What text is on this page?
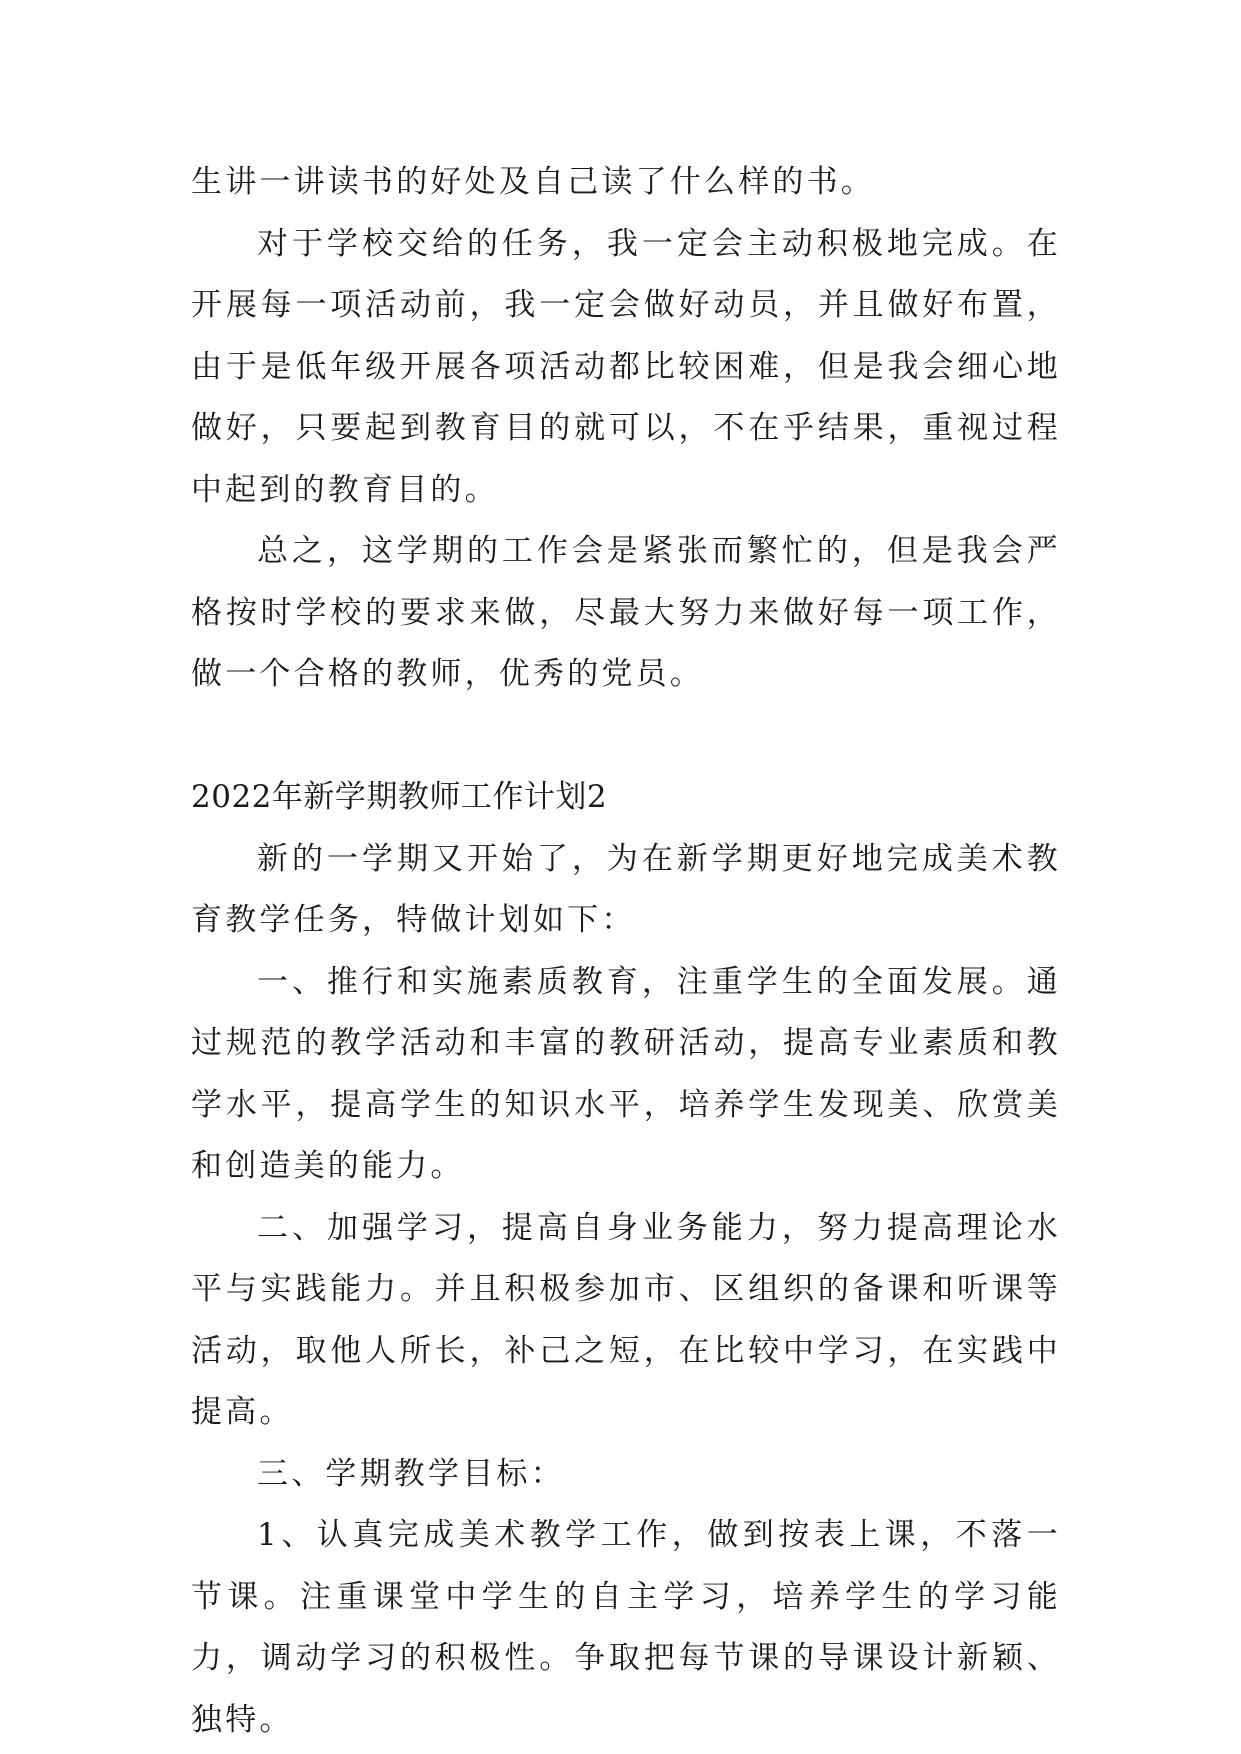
生讲一讲读书的好处及自己读了什么样的书。

对于学校交给的任务，我一定会主动积极地完成。在开展每一项活动前，我一定会做好动员，并且做好布置，由于是低年级开展各项活动都比较困难，但是我会细心地做好，只要起到教育目的就可以，不在乎结果，重视过程中起到的教育目的。

总之，这学期的工作会是紧张而繁忙的，但是我会严格按时学校的要求来做，尽最大努力来做好每一项工作，做一个合格的教师，优秀的党员。

2022年新学期教师工作计划2

新的一学期又开始了，为在新学期更好地完成美术教育教学任务，特做计划如下：

一、推行和实施素质教育，注重学生的全面发展。通过规范的教学活动和丰富的教研活动，提高专业素质和教学水平，提高学生的知识水平，培养学生发现美、欣赏美和创造美的能力。

二、加强学习，提高自身业务能力，努力提高理论水平与实践能力。并且积极参加市、区组织的备课和听课等活动，取他人所长，补己之短，在比较中学习，在实践中提高。

三、学期教学目标：

1、认真完成美术教学工作，做到按表上课，不落一节课。注重课堂中学生的自主学习，培养学生的学习能力，调动学习的积极性。争取把每节课的导课设计新颖、独特。
